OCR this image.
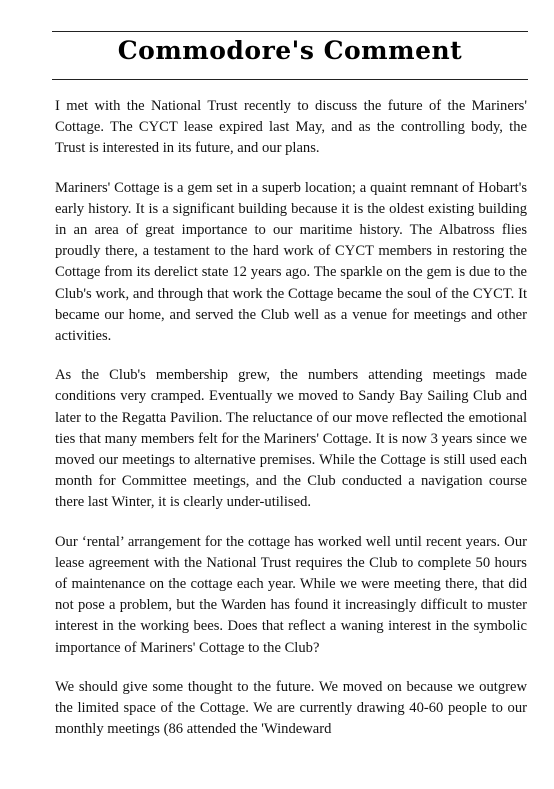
Commodore's Comment

I met with the National Trust recently to discuss the future of the Mariners' Cottage. The CYCT lease expired last May, and as the controlling body, the Trust is interested in its future, and our plans.

Mariners' Cottage is a gem set in a superb location; a quaint remnant of Hobart's early history. It is a significant building because it is the oldest existing building in an area of great importance to our maritime history. The Albatross flies proudly there, a testament to the hard work of CYCT members in restoring the Cottage from its derelict state 12 years ago. The sparkle on the gem is due to the Club's work, and through that work the Cottage became the soul of the CYCT. It became our home, and served the Club well as a venue for meetings and other activities.

As the Club's membership grew, the numbers attending meetings made conditions very cramped. Eventually we moved to Sandy Bay Sailing Club and later to the Regatta Pavilion. The reluctance of our move reflected the emotional ties that many members felt for the Mariners' Cottage. It is now 3 years since we moved our meetings to alternative premises. While the Cottage is still used each month for Committee meetings, and the Club conducted a navigation course there last Winter, it is clearly under-utilised.

Our ‘rental’ arrangement for the cottage has worked well until recent years. Our lease agreement with the National Trust requires the Club to complete 50 hours of maintenance on the cottage each year. While we were meeting there, that did not pose a problem, but the Warden has found it increasingly difficult to muster interest in the working bees. Does that reflect a waning interest in the symbolic importance of Mariners' Cottage to the Club?

We should give some thought to the future. We moved on because we outgrew the limited space of the Cottage. We are currently drawing 40-60 people to our monthly meetings (86 attended the 'Windeward
